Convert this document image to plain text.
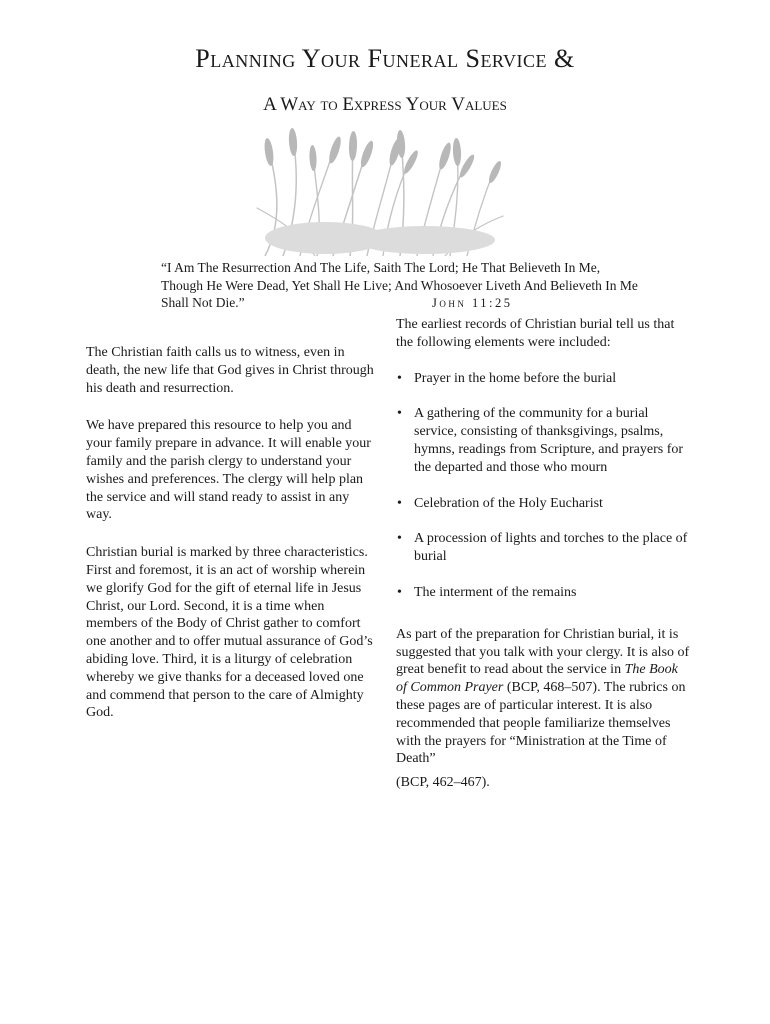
Planning Your Funeral Service &
A Way to Express Your Values
“I Am The Resurrection And The Life, Saith The Lord; He That Believeth In Me, Though He Were Dead, Yet Shall He Live; And Whosoever Liveth And Believeth In Me Shall Not Die.”	John 11:25

The Christian faith calls us to witness, even in death, the new life that God gives in Christ through his death and resurrection.

We have prepared this resource to help you and your family prepare in advance. It will enable your family and the parish clergy to understand your wishes and preferences. The clergy will help plan the service and will stand ready to assist in any way.

Christian burial is marked by three characteristics. First and foremost, it is an act of worship wherein we glorify God for the gift of eternal life in Jesus Christ, our Lord. Second, it is a time when members of the Body of Christ gather to comfort one another and to offer mutual assurance of God’s abiding love. Third, it is a liturgy of celebration whereby we give thanks for a deceased loved one and commend that person to the care of Almighty God.

The earliest records of Christian burial tell us that the following elements were included:

• Prayer in the home before the burial
• A gathering of the community for a burial service, consisting of thanksgivings, psalms, hymns, readings from Scripture, and prayers for the departed and those who mourn
• Celebration of the Holy Eucharist
• A procession of lights and torches to the place of burial
• The interment of the remains

As part of the preparation for Christian burial, it is suggested that you talk with your clergy. It is also of great benefit to read about the service in The Book of Common Prayer (BCP, 468–507). The rubrics on these pages are of particular interest. It is also recommended that people familiarize themselves with the prayers for “Ministration at the Time of Death”

(BCP, 462–467).
